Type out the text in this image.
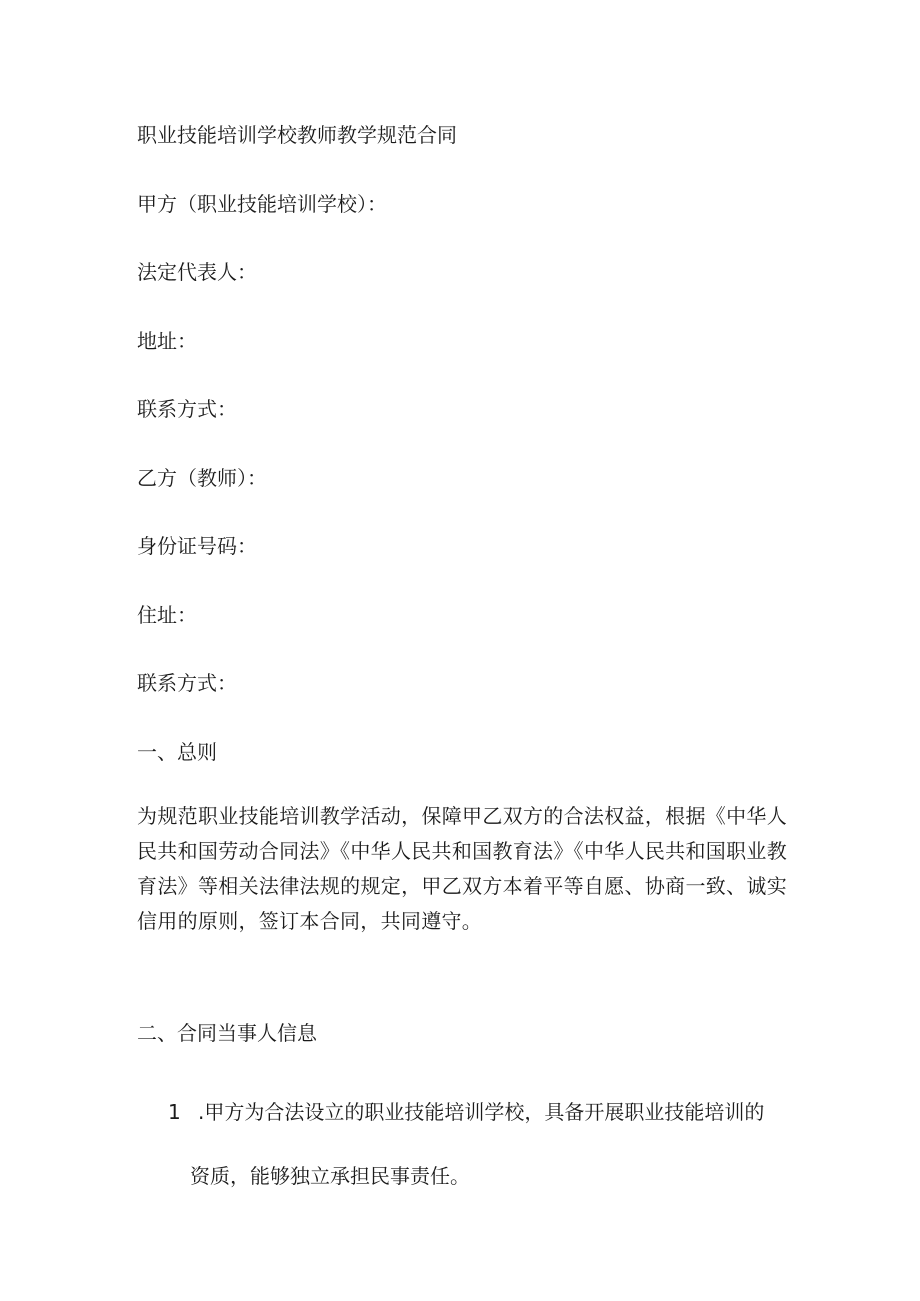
职业技能培训学校教师教学规范合同
甲方（职业技能培训学校）：
法定代表人：
地址：
联系方式：
乙方（教师）：
身份证号码：
住址：
联系方式：
一、总则
为规范职业技能培训教学活动，保障甲乙双方的合法权益，根据《中华人民共和国劳动合同法》《中华人民共和国教育法》《中华人民共和国职业教育法》等相关法律法规的规定，甲乙双方本着平等自愿、协商一致、诚实信用的原则，签订本合同，共同遵守。
二、合同当事人信息
1 .甲方为合法设立的职业技能培训学校，具备开展职业技能培训的
资质，能够独立承担民事责任。
